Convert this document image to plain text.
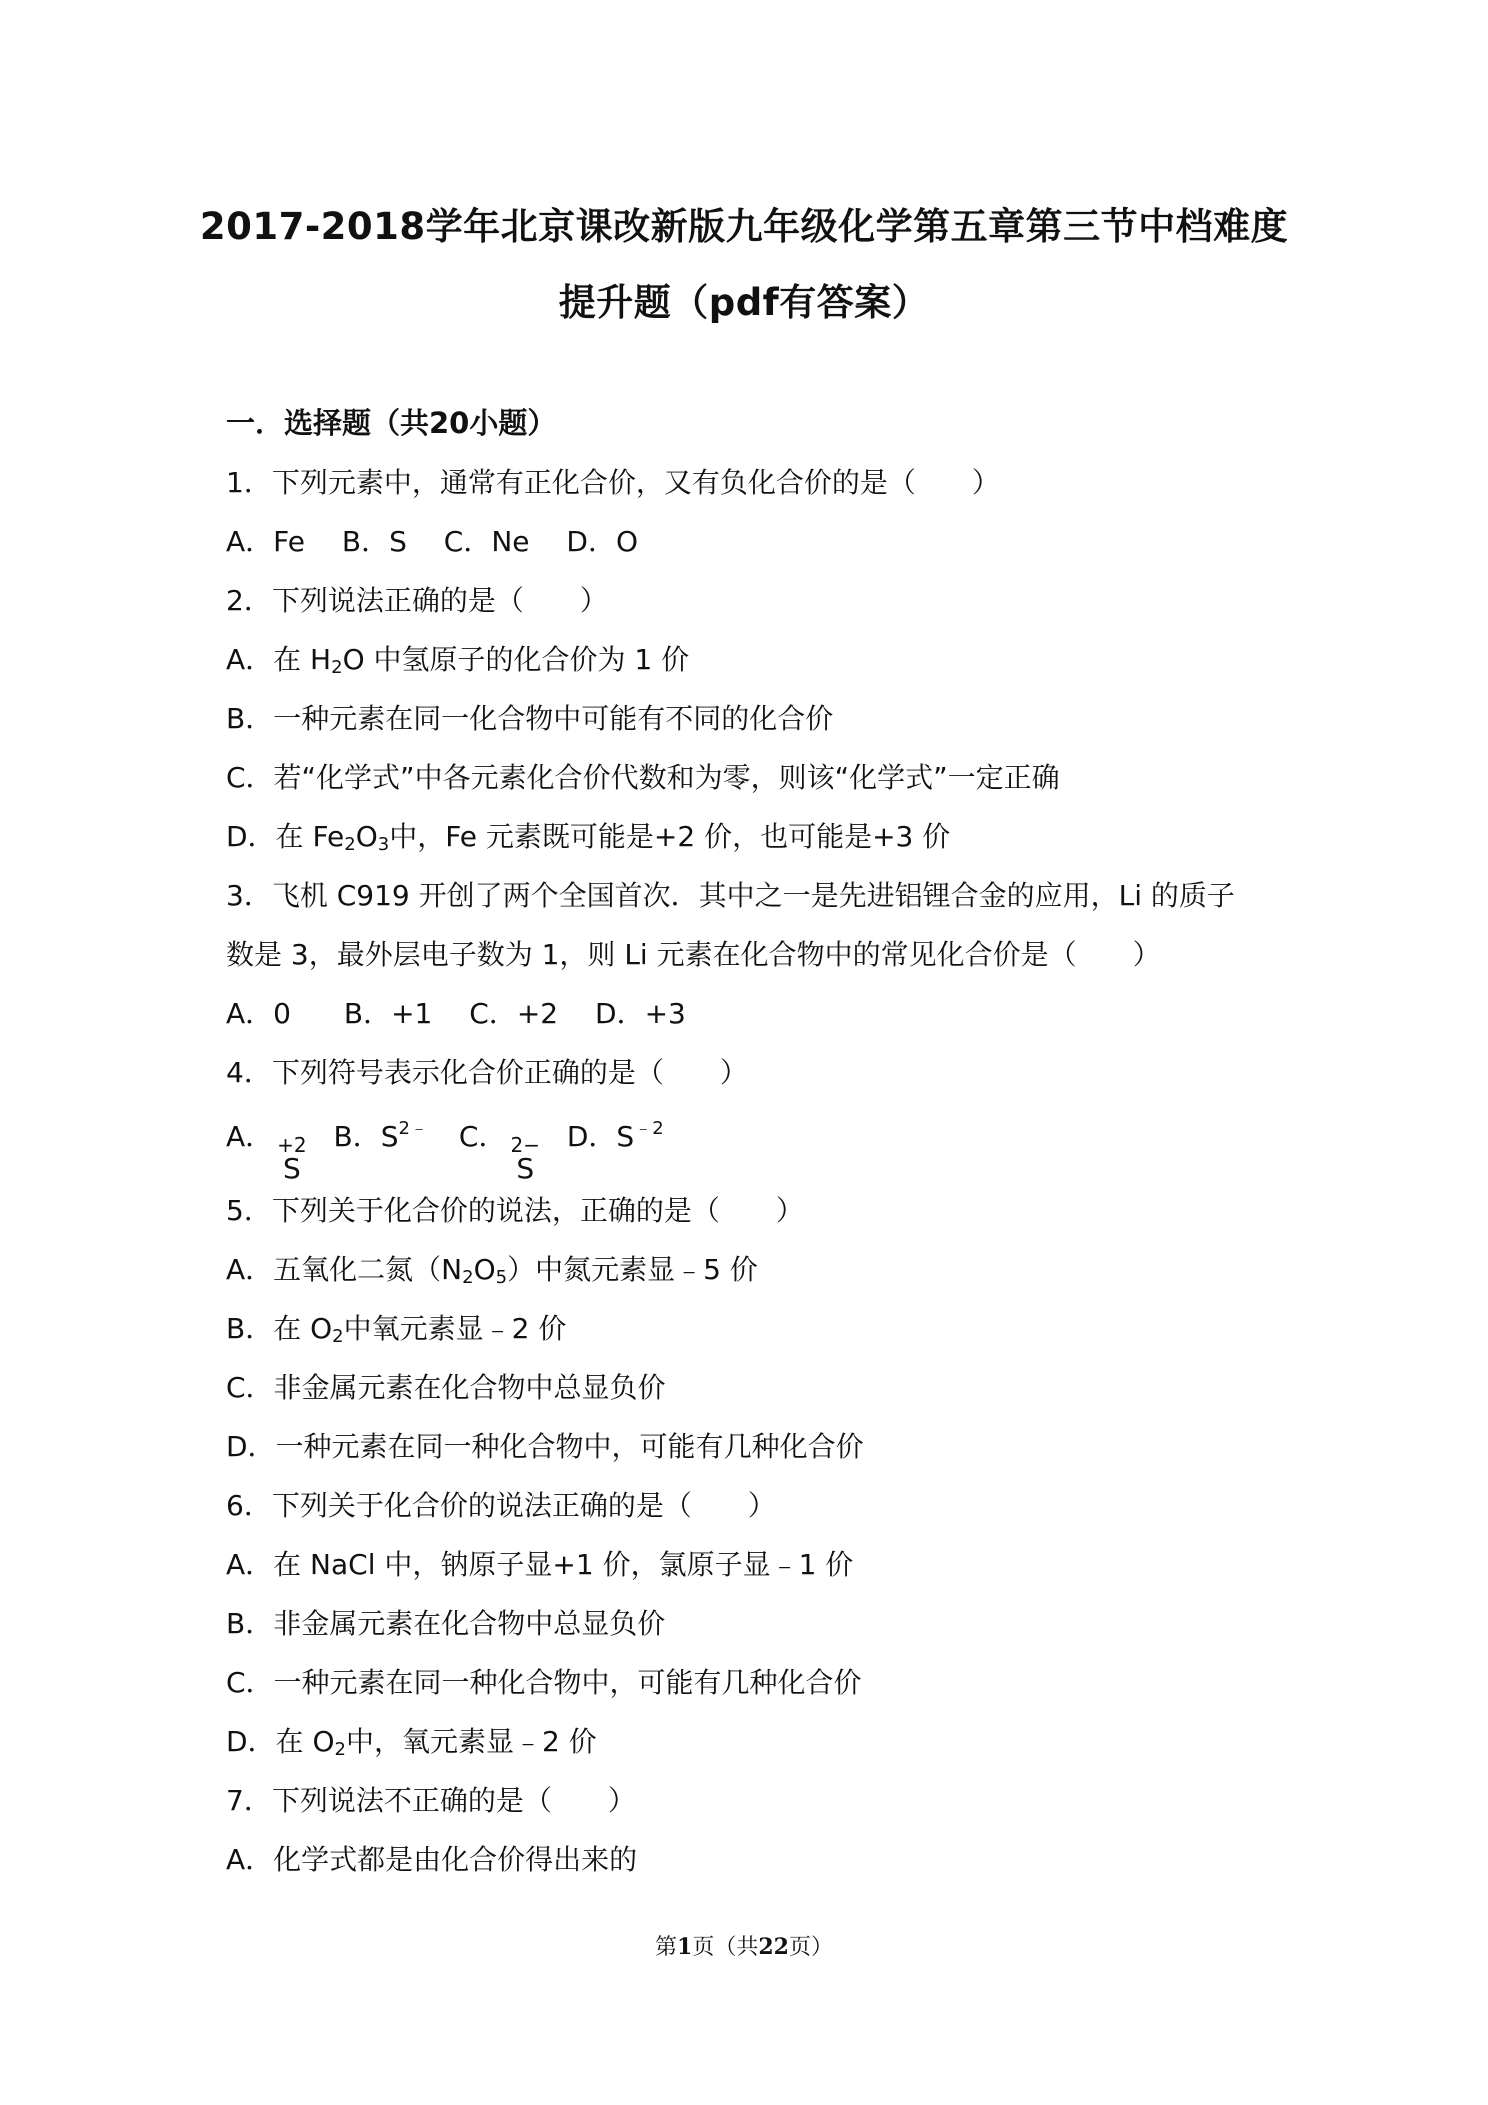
2017-2018学年北京课改新版九年级化学第五章第三节中档难度
提升题（pdf有答案）
一．选择题（共20小题）
1．下列元素中，通常有正化合价，又有负化合价的是（　　）
A．Fe B．S C．Ne D．O
2．下列说法正确的是（　　）
A．在 $H_2O$ 中氢原子的化合价为 1 价
B．一种元素在同一化合物中可能有不同的化合价
C．若“化学式”中各元素化合价代数和为零，则该“化学式”一定正确
D．在 $Fe_2O_3$中，Fe 元素既可能是+2 价，也可能是+3 价
3．飞机 C919 开创了两个全国首次．其中之一是先进铝锂合金的应用，Li 的质子
数是 3，最外层电子数为 1，则 Li 元素在化合物中的常见化合价是（　　）
A．0 B．+1 C．+2 D．+3
4．下列符号表示化合价正确的是（　　）
A． +2
S
B．$S^{2﹣}$ C． 2−
S
D．$S^{﹣2}$
5．下列关于化合价的说法，正确的是（　　）
A．五氧化二氮$(N_2O_5)$中氮元素显﹣5 价
B．在 $O_2$中氧元素显﹣2 价
C．非金属元素在化合物中总显负价
D．一种元素在同一种化合物中，可能有几种化合价
6．下列关于化合价的说法正确的是（　　）
A．在 NaCl 中，钠原子显+1 价，氯原子显﹣1 价
B．非金属元素在化合物中总显负价
C．一种元素在同一种化合物中，可能有几种化合价
D．在 $O_2$中，氧元素显﹣2 价
7．下列说法不正确的是（　　）
A．化学式都是由化合价得出来的
第1页（共22页）
